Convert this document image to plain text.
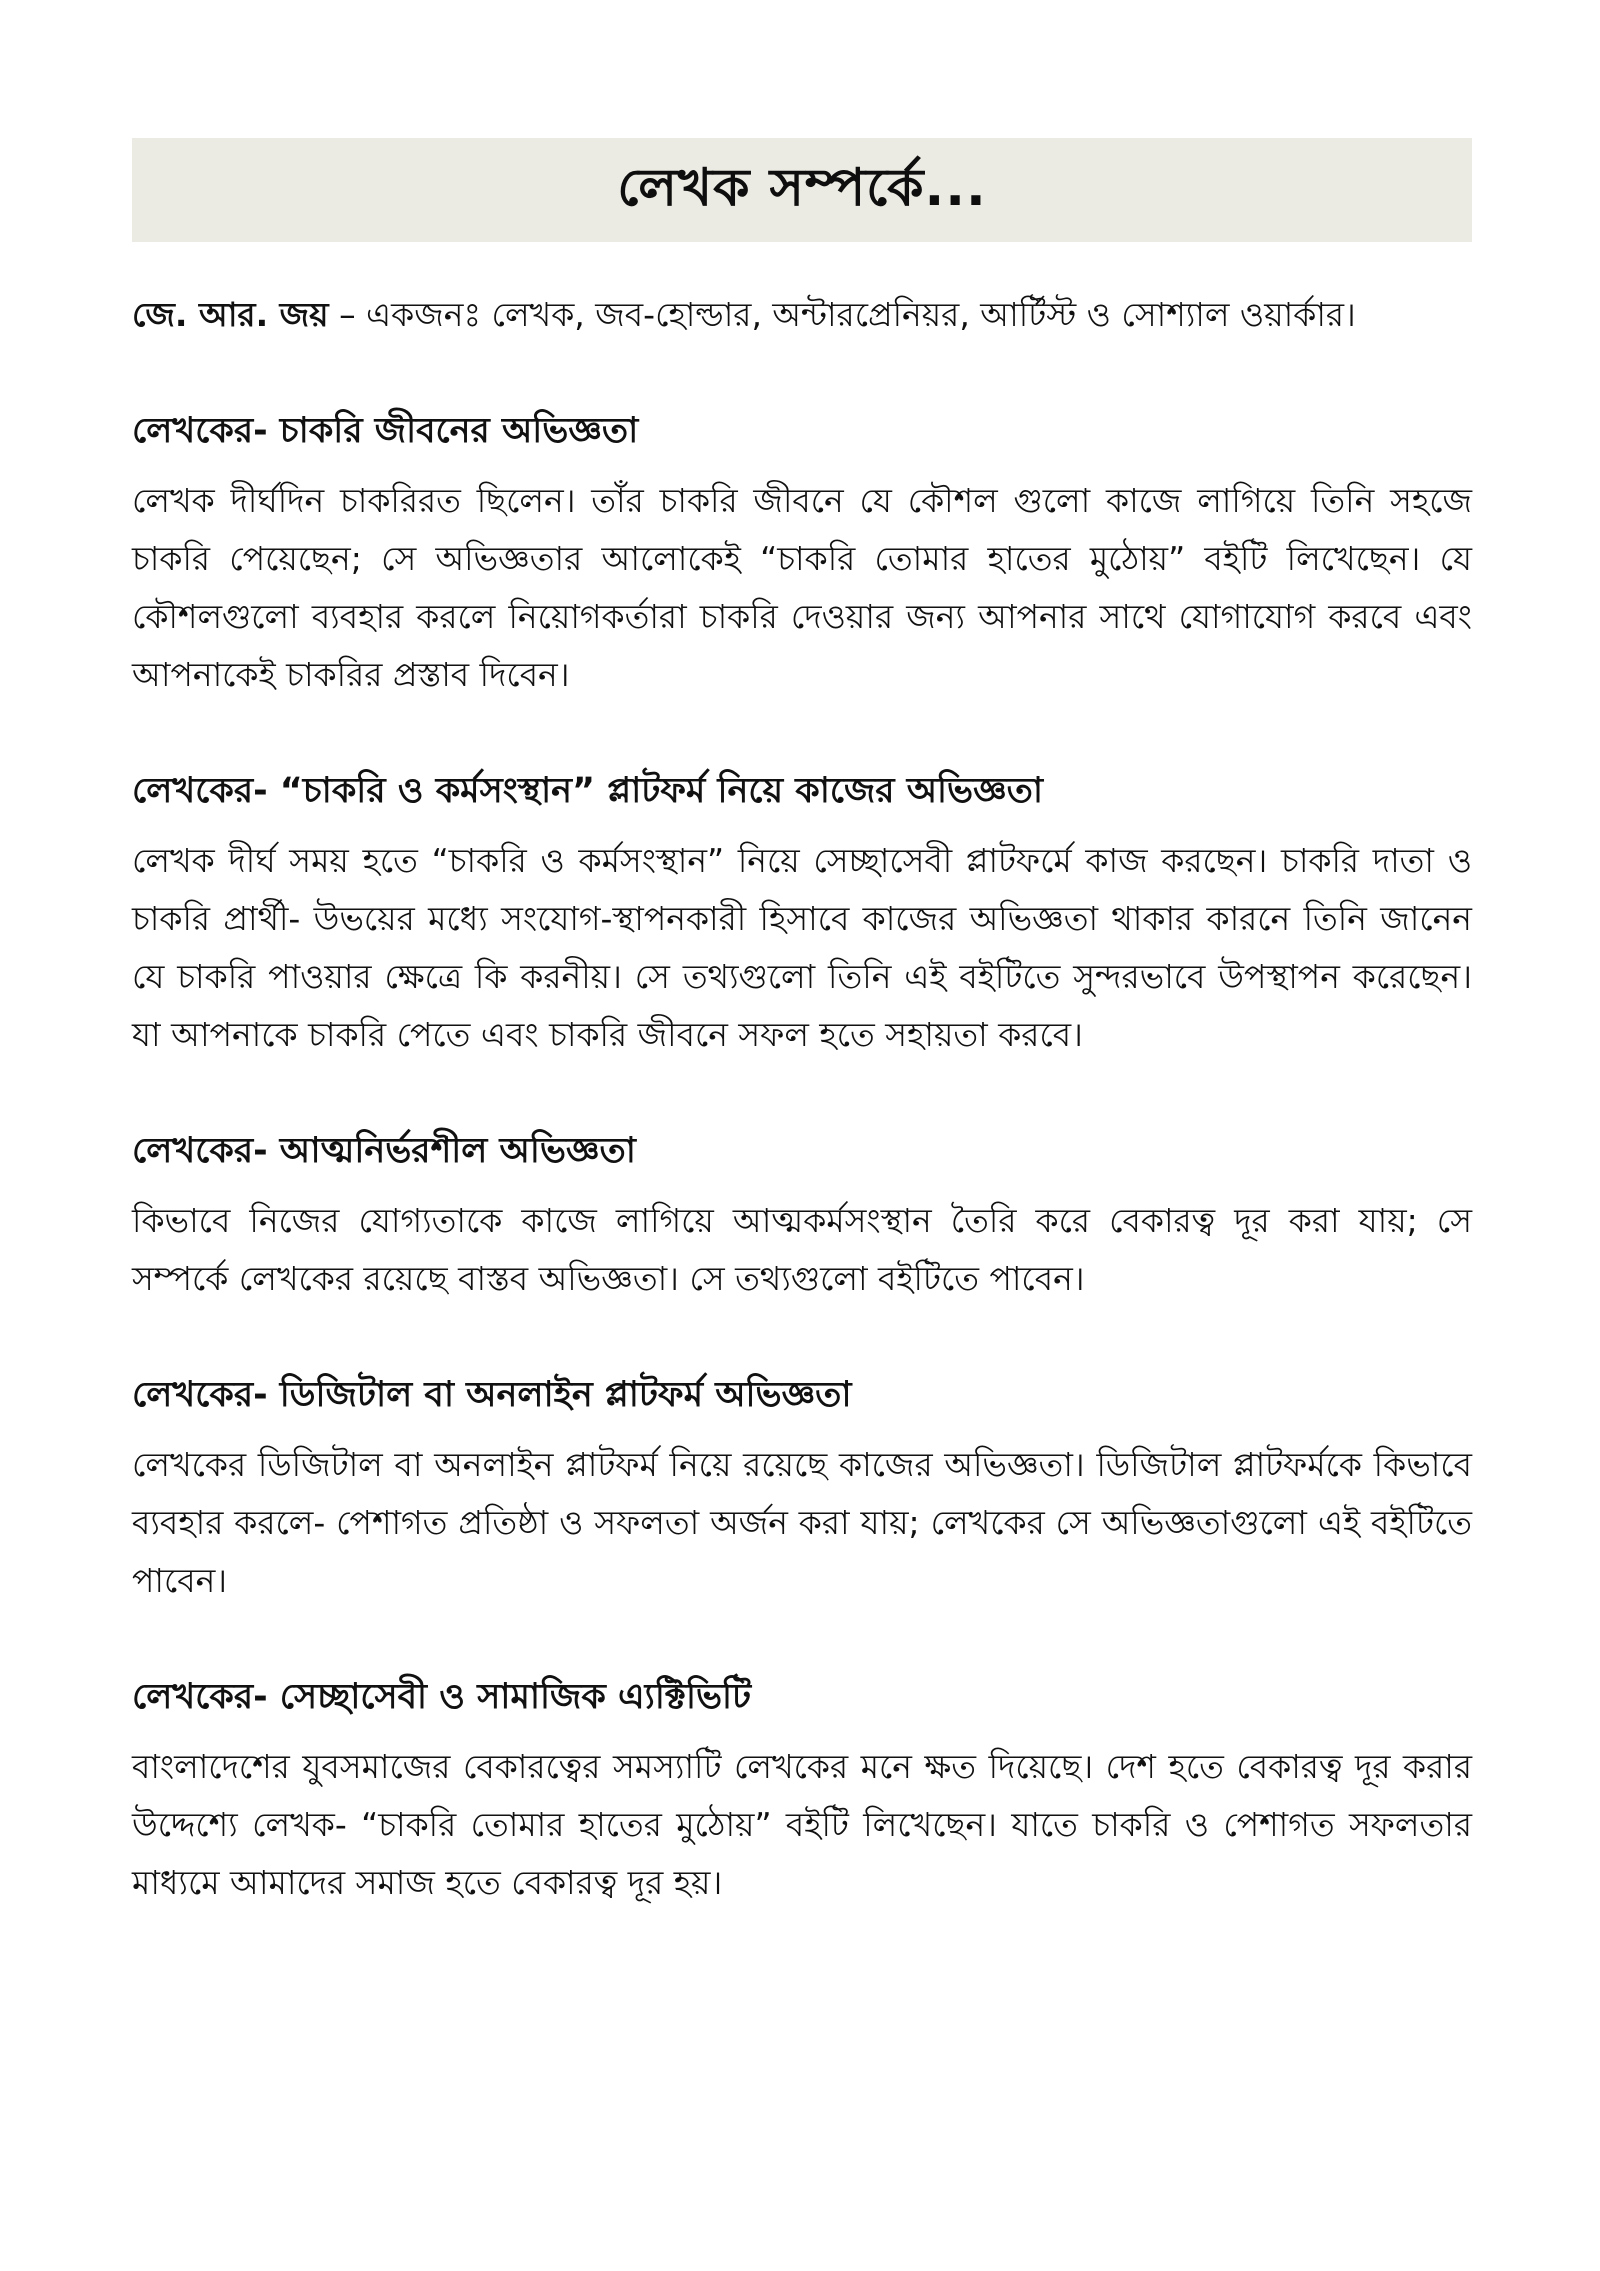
লেখক সম্পর্কে...

জে. আর. জয় – একজনঃ লেখক, জব-হোল্ডার, অন্টারপ্রেনিয়র, আর্টিস্ট ও সোশ্যাল ওয়ার্কার।

লেখকের- চাকরি জীবনের অভিজ্ঞতা

লেখক দীর্ঘদিন চাকরিরত ছিলেন। তাঁর চাকরি জীবনে যে কৌশল গুলো কাজে লাগিয়ে তিনি সহজে চাকরি পেয়েছেন; সে অভিজ্ঞতার আলোকেই “চাকরি তোমার হাতের মুঠোয়” বইটি লিখেছেন। যে কৌশলগুলো ব্যবহার করলে নিয়োগকর্তারা চাকরি দেওয়ার জন্য আপনার সাথে যোগাযোগ করবে এবং আপনাকেই চাকরির প্রস্তাব দিবেন।

লেখকের- “চাকরি ও কর্মসংস্থান” প্লাটফর্ম নিয়ে কাজের অভিজ্ঞতা

লেখক দীর্ঘ সময় হতে “চাকরি ও কর্মসংস্থান” নিয়ে সেচ্ছাসেবী প্লাটফর্মে কাজ করছেন। চাকরি দাতা ও চাকরি প্রার্থী- উভয়ের মধ্যে সংযোগ-স্থাপনকারী হিসাবে কাজের অভিজ্ঞতা থাকার কারনে তিনি জানেন যে চাকরি পাওয়ার ক্ষেত্রে কি করনীয়। সে তথ্যগুলো তিনি এই বইটিতে সুন্দরভাবে উপস্থাপন করেছেন। যা আপনাকে চাকরি পেতে এবং চাকরি জীবনে সফল হতে সহায়তা করবে।

লেখকের- আত্মনির্ভরশীল অভিজ্ঞতা

কিভাবে নিজের যোগ্যতাকে কাজে লাগিয়ে আত্মকর্মসংস্থান তৈরি করে বেকারত্ব দূর করা যায়; সে সম্পর্কে লেখকের রয়েছে বাস্তব অভিজ্ঞতা। সে তথ্যগুলো বইটিতে পাবেন।

লেখকের- ডিজিটাল বা অনলাইন প্লাটফর্ম অভিজ্ঞতা

লেখকের ডিজিটাল বা অনলাইন প্লাটফর্ম নিয়ে রয়েছে কাজের অভিজ্ঞতা। ডিজিটাল প্লাটফর্মকে কিভাবে ব্যবহার করলে- পেশাগত প্রতিষ্ঠা ও সফলতা অর্জন করা যায়; লেখকের সে অভিজ্ঞতাগুলো এই বইটিতে পাবেন।

লেখকের- সেচ্ছাসেবী ও সামাজিক এ্যক্টিভিটি

বাংলাদেশের যুবসমাজের বেকারত্বের সমস্যাটি লেখকের মনে ক্ষত দিয়েছে। দেশ হতে বেকারত্ব দূর করার উদ্দেশ্যে লেখক- “চাকরি তোমার হাতের মুঠোয়” বইটি লিখেছেন। যাতে চাকরি ও পেশাগত সফলতার মাধ্যমে আমাদের সমাজ হতে বেকারত্ব দূর হয়।
